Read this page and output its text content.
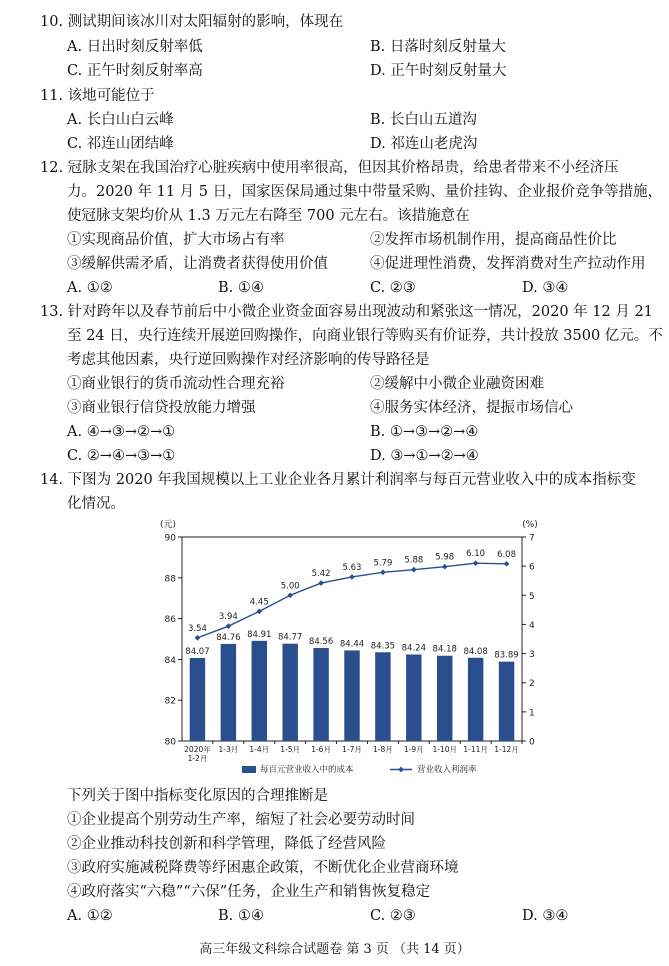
10. 测试期间该冰川对太阳辐射的影响，体现在
A. 日出时刻反射率低	B. 日落时刻反射量大
C. 正午时刻反射率高	D. 正午时刻反射量大
11. 该地可能位于
A. 长白山白云峰	B. 长白山五道沟
C. 祁连山团结峰	D. 祁连山老虎沟
12. 冠脉支架在我国治疗心脏疾病中使用率很高，但因其价格昂贵，给患者带来不小经济压
力。2020 年 11 月 5 日，国家医保局通过集中带量采购、量价挂钩、企业报价竞争等措施，
使冠脉支架均价从 1.3 万元左右降至 700 元左右。该措施意在
①实现商品价值，扩大市场占有率	②发挥市场机制作用，提高商品性价比
③缓解供需矛盾，让消费者获得使用价值	④促进理性消费，发挥消费对生产拉动作用
A. ①②	B. ①④	C. ②③	D. ③④
13. 针对跨年以及春节前后中小微企业资金面容易出现波动和紧张这一情况，2020 年 12 月 21
至 24 日，央行连续开展逆回购操作，向商业银行等购买有价证券，共计投放 3500 亿元。不
考虑其他因素，央行逆回购操作对经济影响的传导路径是
①商业银行的货币流动性合理充裕	②缓解中小微企业融资困难
③商业银行信贷投放能力增强	④服务实体经济，提振市场信心
A. ④→③→②→①	B. ①→③→②→④
C. ②→④→③→①	D. ③→①→②→④
14. 下图为 2020 年我国规模以上工业企业各月累计利润率与每百元营业收入中的成本指标变
化情况。
80
82
84
86
88
90
0
1
2
3
4
5
6
7
(元)	(%)
84.07
2020年
1-2月
84.76
1-3月
84.91
1-4月
84.77
1-5月
84.56
1-6月
84.44
1-7月
84.35
1-8月
84.24
1-9月
84.18
1-10月
84.08
1-11月
83.89
1-12月
3.54
3.94
4.45
5.00
5.42
5.63 5.79 5.88 5.98 6.10 6.08
每百元营业收入中的成本	营业收入利润率
下列关于图中指标变化原因的合理推断是
①企业提高个别劳动生产率，缩短了社会必要劳动时间
②企业推动科技创新和科学管理，降低了经营风险
③政府实施减税降费等纾困惠企政策，不断优化企业营商环境
④政府落实“六稳”“六保”任务，企业生产和销售恢复稳定
A. ①②	B. ①④	C. ②③	D. ③④
高三年级文科综合试题卷 第 3 页 （共 14 页）
